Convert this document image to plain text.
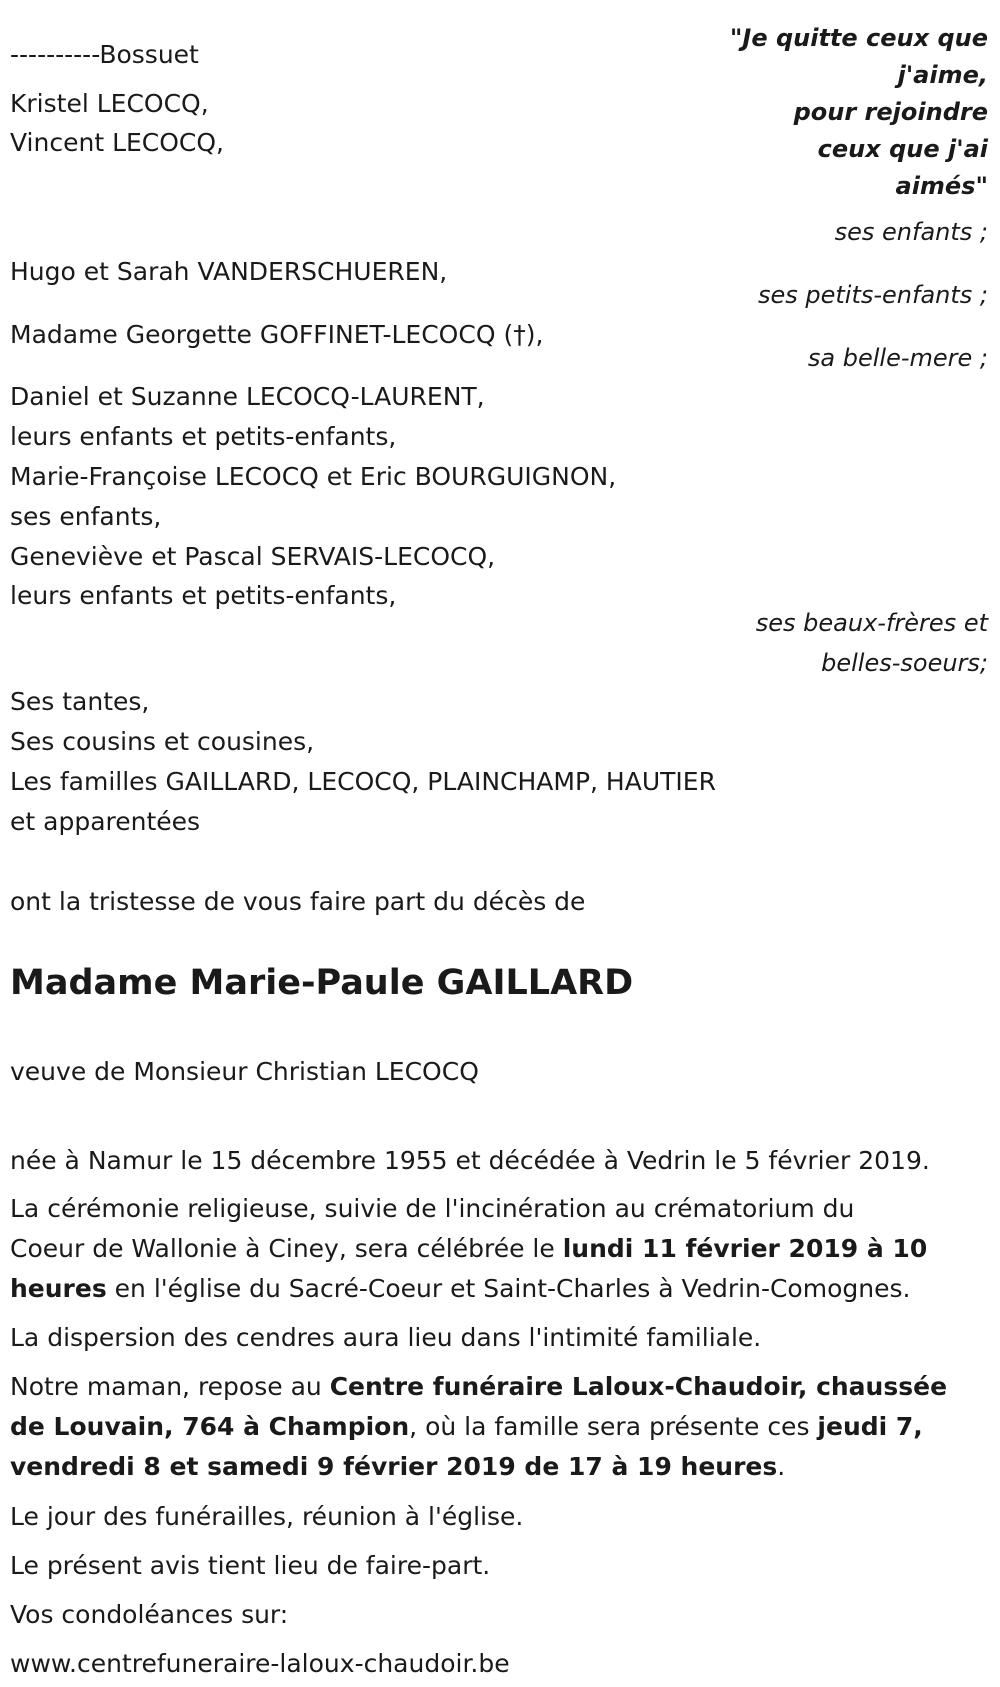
"Je quitte ceux que
j'aime,
pour rejoindre
ceux que j'ai
aimés"
----------Bossuet
Kristel LECOCQ,
Vincent LECOCQ,
ses enfants ;
Hugo et Sarah VANDERSCHUEREN,
ses petits-enfants ;
Madame Georgette GOFFINET-LECOCQ (†),
sa belle-mere ;
Daniel et Suzanne LECOCQ-LAURENT,
leurs enfants et petits-enfants,
Marie-Françoise LECOCQ et Eric BOURGUIGNON,
ses enfants,
Geneviève et Pascal SERVAIS-LECOCQ,
leurs enfants et petits-enfants,
ses beaux-frères et
belles-soeurs;
Ses tantes,
Ses cousins et cousines,
Les familles GAILLARD, LECOCQ, PLAINCHAMP, HAUTIER
et apparentées
ont la tristesse de vous faire part du décès de
Madame Marie-Paule GAILLARD
veuve de Monsieur Christian LECOCQ
née à Namur le 15 décembre 1955 et décédée à Vedrin le 5 février 2019.
La cérémonie religieuse, suivie de l'incinération au crématorium du
Coeur de Wallonie à Ciney, sera célébrée le lundi 11 février 2019 à 10
heures en l'église du Sacré-Coeur et Saint-Charles à Vedrin-Comognes.
La dispersion des cendres aura lieu dans l'intimité familiale.
Notre maman, repose au Centre funéraire Laloux-Chaudoir, chaussée
de Louvain, 764 à Champion, où la famille sera présente ces jeudi 7,
vendredi 8 et samedi 9 février 2019 de 17 à 19 heures.
Le jour des funérailles, réunion à l'église.
Le présent avis tient lieu de faire-part.
Vos condoléances sur:
www.centrefuneraire-laloux-chaudoir.be
